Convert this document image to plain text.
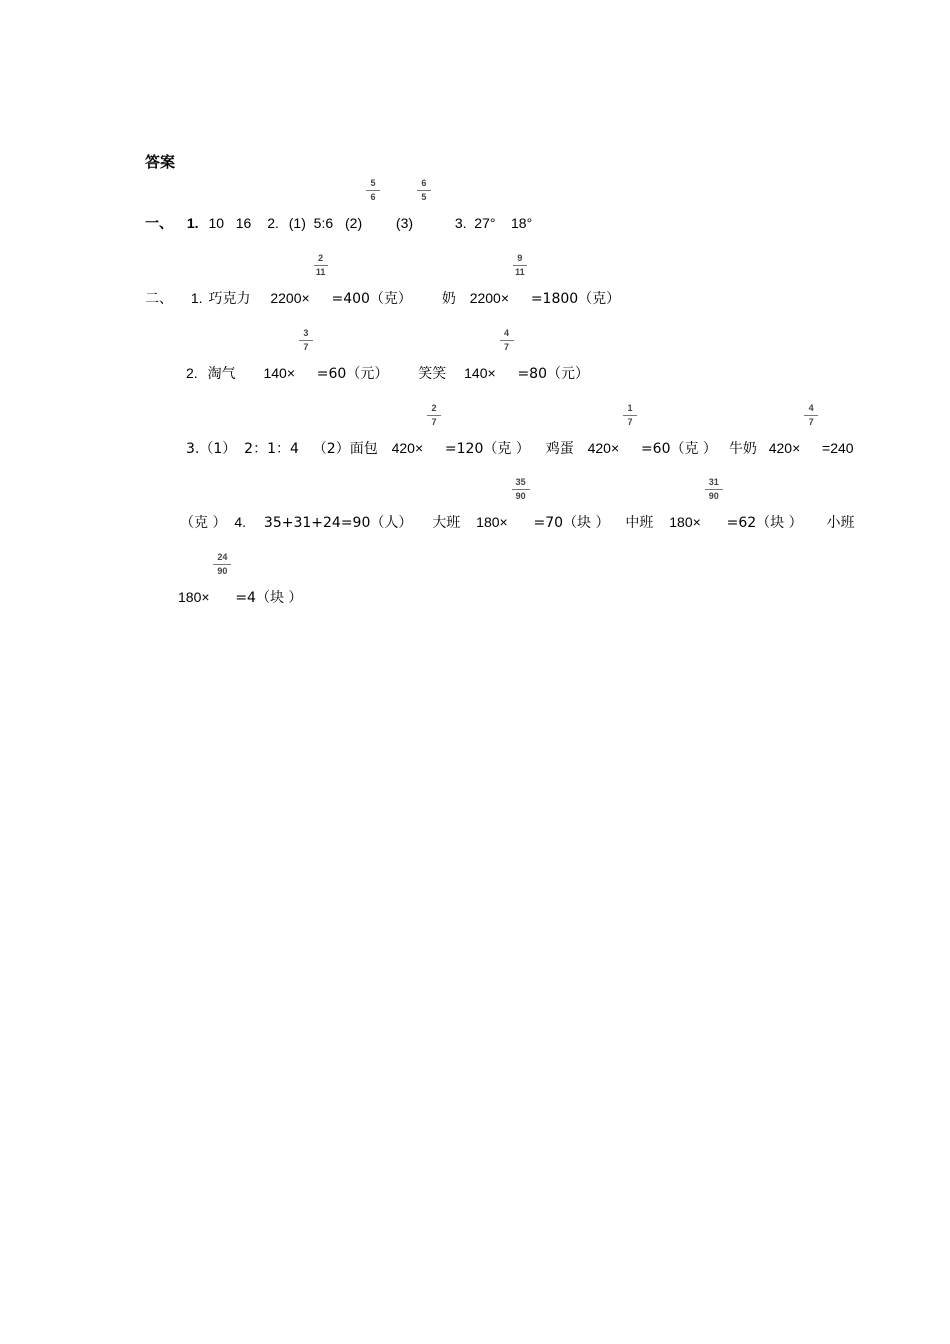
答案
一、 1. 10   16 2. (1)  5:6 $(2) \frac{5}{6} (3) \frac{6}{5} 3$.  27°    18°
二、 1. 巧克力 $2200\times \frac{2}{11} =400$（克） 奶 $2200\times \frac{9}{11} =1800$（克）
2. 淘气 $140\times \frac{3}{7} =60$（元） 笑笑 $140\times \frac{4}{7} =80$（元）
3.（1） 2：1：4 （2）面包 $420\times \frac{2}{7} =120$（克 ） 鸡蛋 $420\times \frac{1}{7} =60$（克 ） 牛奶 $420\times \frac{4}{7} =240$
（克 ） 4. 35+31+24=90（人） 大班 $180\times \frac{35}{90} =70$（块 ） 中班 $180\times \frac{31}{90} =62$（块 ） 小班
$180\times \frac{24}{90} =4$（块 ）
